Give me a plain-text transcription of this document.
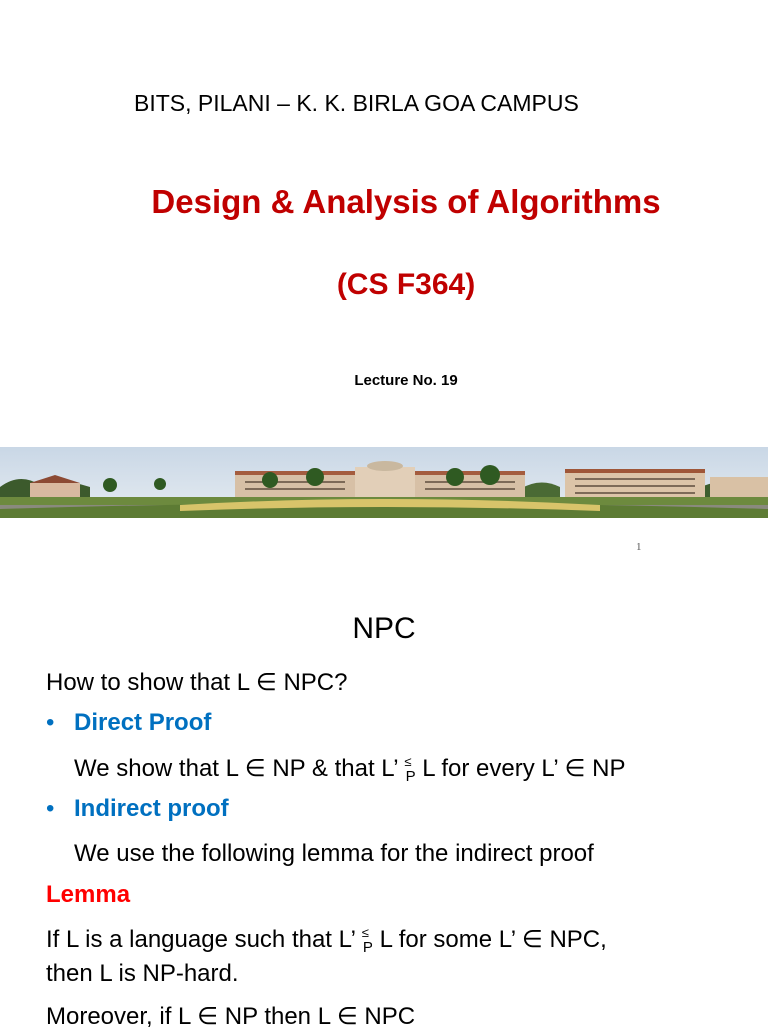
BITS, PILANI – K. K. BIRLA GOA CAMPUS
Design & Analysis of Algorithms
(CS F364)
Lecture No. 19
1
NPC
How to show that L ∈ NPC?
• Direct Proof
We show that L ∈ NP & that L’ ≤$_P$ L for every L’ ∈ NP
• Indirect proof
We use the following lemma for the indirect proof
Lemma
If L is a language such that L’ ≤$_P$ L for some L’ ∈ NPC,
then L is NP-hard.
Moreover, if L ∈ NP then L ∈ NPC
